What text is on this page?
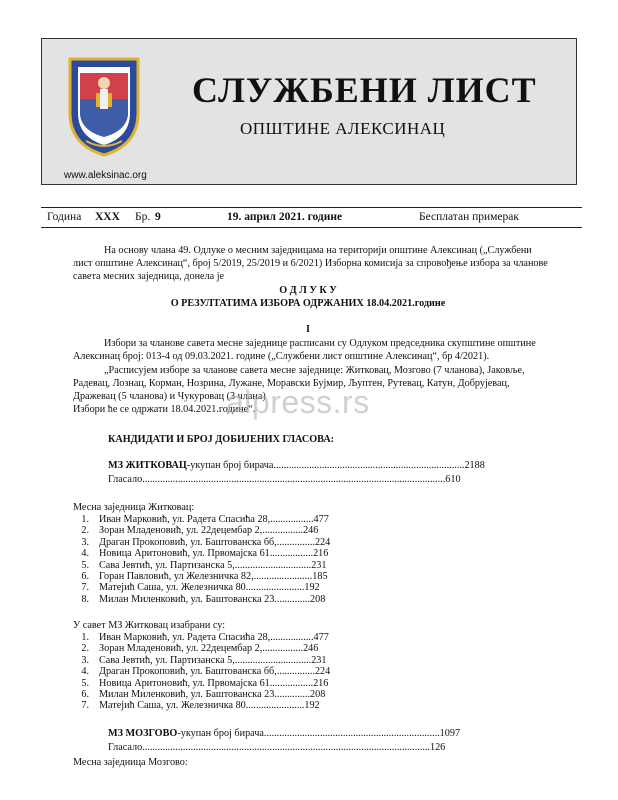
www.aleksinac.org
СЛУЖБЕНИ ЛИСТ
ОПШТИНЕ АЛЕКСИНАЦ
Година XXX Бр. 9	19. април 2021. године	Бесплатан примерак
На основу члана 49. Одлуке о месним заједницама на територији општине Алексинац („Службени
лист општине Алексинац“, број 5/2019, 25/2019 и 6/2021) Изборна комисија за спровођење избора за чланове
савета месних заједница, донела је
О Д Л У К У
О РЕЗУЛТАТИМА ИЗБОРА ОДРЖАНИХ 18.04.2021.године
I
Избори за чланове савета месне заједнице расписани су Одлуком председника скупштине општине
Алексинац број: 013-4 од 09.03.2021. године („Службени лист општине Алексинац“, бр 4/2021).
„Расписујем изборе за чланове савета месне заједнице: Житковац, Мозгово (7 чланова), Јаковље,
Радевац, Лознац, Корман, Нозрина, Лужане, Моравски Бујмир, Љуптен, Рутевац, Катун, Добрујевац,
Дражевац (5 чланова) и Чукуровац (3 члана)
Избори ће се одржати 18.04.2021.године“.
alpress.rs
КАНДИДАТИ И БРОЈ ДОБИЈЕНИХ ГЛАСОВА:
МЗ ЖИТКОВАЦ-укупан број бирача...........................................................................2188
Гласало.......................................................................................................................610
Месна заједница Житковац:
1. Иван Марковић, ул. Радета Спасића 28,.................477
2. Зоран Младеновић, ул. 22децембар 2,................246
3. Драган Прокоповић, ул. Баштованска бб,...............224
4. Новица Аритоновић, ул. Првомајска 61.................216
5. Сава Јевтић, ул. Партизанска 5,..............................231
6. Горан Павловић, ул Железничка 82,.......................185
7. Матејић Саша, ул. Железничка 80.......................192
8. Милан Миленковић, ул. Баштованска 23..............208
У савет МЗ Житковац изабрани су:
1. Иван Марковић, ул. Радета Спасића 28,.................477
2. Зоран Младеновић, ул. 22децембар 2,................246
3. Сава Јевтић, ул. Партизанска 5,..............................231
4. Драган Прокоповић, ул. Баштованска бб,...............224
5. Новица Аритоновић, ул. Првомајска 61.................216
6. Милан Миленковић, ул. Баштованска 23..............208
7. Матејић Саша, ул. Железничка 80.......................192
МЗ МОЗГОВО-укупан број бирача.....................................................................1097
Гласало.................................................................................................................126
Месна заједница Мозгово:
